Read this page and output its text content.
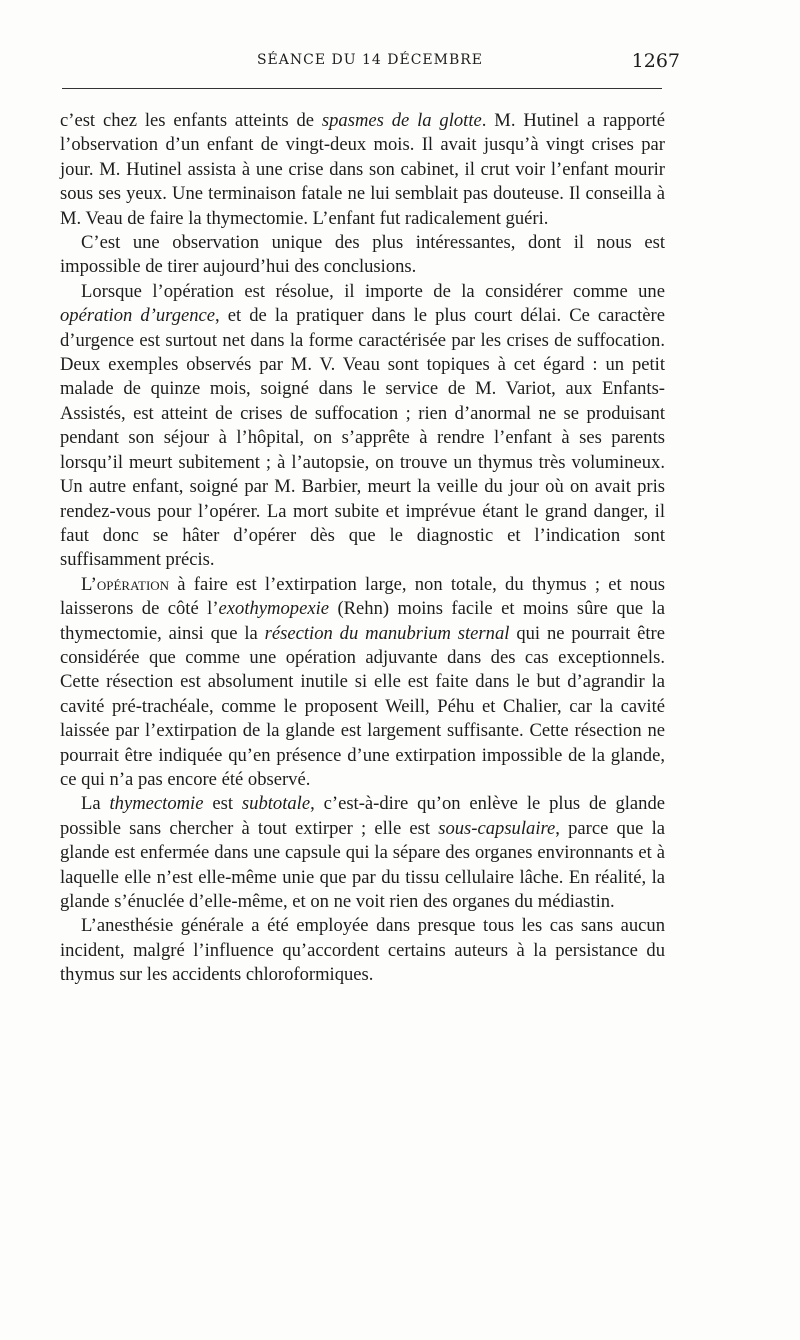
SÉANCE DU 14 DÉCEMBRE	1267

c’est chez les enfants atteints de spasmes de la glotte. M. Hutinel a rapporté l’observation d’un enfant de vingt-deux mois. Il avait jusqu’à vingt crises par jour. M. Hutinel assista à une crise dans son cabinet, il crut voir l’enfant mourir sous ses yeux. Une terminaison fatale ne lui semblait pas douteuse. Il conseilla à M. Veau de faire la thymectomie. L’enfant fut radicalement guéri.

C’est une observation unique des plus intéressantes, dont il nous est impossible de tirer aujourd’hui des conclusions.

Lorsque l’opération est résolue, il importe de la considérer comme une opération d’urgence, et de la pratiquer dans le plus court délai. Ce caractère d’urgence est surtout net dans la forme caractérisée par les crises de suffocation. Deux exemples observés par M. V. Veau sont topiques à cet égard : un petit malade de quinze mois, soigné dans le service de M. Variot, aux Enfants-Assistés, est atteint de crises de suffocation ; rien d’anormal ne se produisant pendant son séjour à l’hôpital, on s’apprête à rendre l’enfant à ses parents lorsqu’il meurt subitement ; à l’autopsie, on trouve un thymus très volumineux. Un autre enfant, soigné par M. Barbier, meurt la veille du jour où on avait pris rendez-vous pour l’opérer. La mort subite et imprévue étant le grand danger, il faut donc se hâter d’opérer dès que le diagnostic et l’indication sont suffisamment précis.

L’opération à faire est l’extirpation large, non totale, du thymus ; et nous laisserons de côté l’exothymopexie (Rehn) moins facile et moins sûre que la thymectomie, ainsi que la résection du manubrium sternal qui ne pourrait être considérée que comme une opération adjuvante dans des cas exceptionnels. Cette résection est absolument inutile si elle est faite dans le but d’agrandir la cavité pré-trachéale, comme le proposent Weill, Péhu et Chalier, car la cavité laissée par l’extirpation de la glande est largement suffisante. Cette résection ne pourrait être indiquée qu’en présence d’une extirpation impossible de la glande, ce qui n’a pas encore été observé.

La thymectomie est subtotale, c’est-à-dire qu’on enlève le plus de glande possible sans chercher à tout extirper ; elle est sous-capsulaire, parce que la glande est enfermée dans une capsule qui la sépare des organes environnants et à laquelle elle n’est elle-même unie que par du tissu cellulaire lâche. En réalité, la glande s’énuclée d’elle-même, et on ne voit rien des organes du médiastin.

L’anesthésie générale a été employée dans presque tous les cas sans aucun incident, malgré l’influence qu’accordent certains auteurs à la persistance du thymus sur les accidents chloroformiques.
